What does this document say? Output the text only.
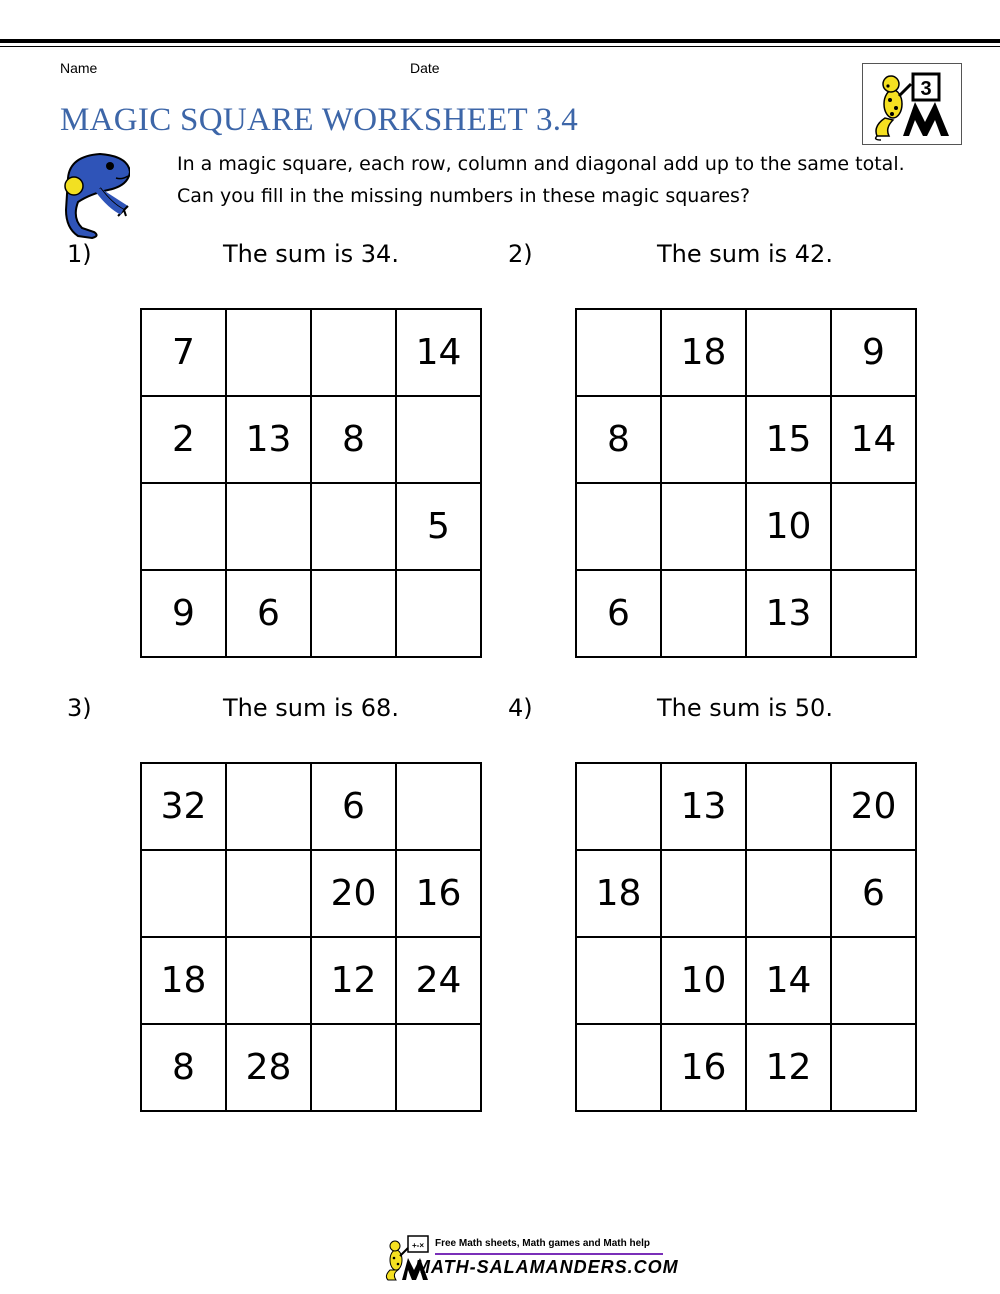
Name	Date
MAGIC SQUARE WORKSHEET 3.4
3

In a magic square, each row, column and diagonal add up to the same total.

Can you fill in the missing numbers in these magic squares?

1)	The sum is 34.
7			14
2	13	8	
			5
9	6		
2)	The sum is 42.
	18		9
8		15	14
		10	
6		13	
3)	The sum is 68.
32		6	
		20	16
18		12	24
8	28		
4)	The sum is 50.
	13		20
18			6
	10	14	
	16	12	
+-× Free Math sheets, Math games and Math help
MATH-SALAMANDERS.COM
